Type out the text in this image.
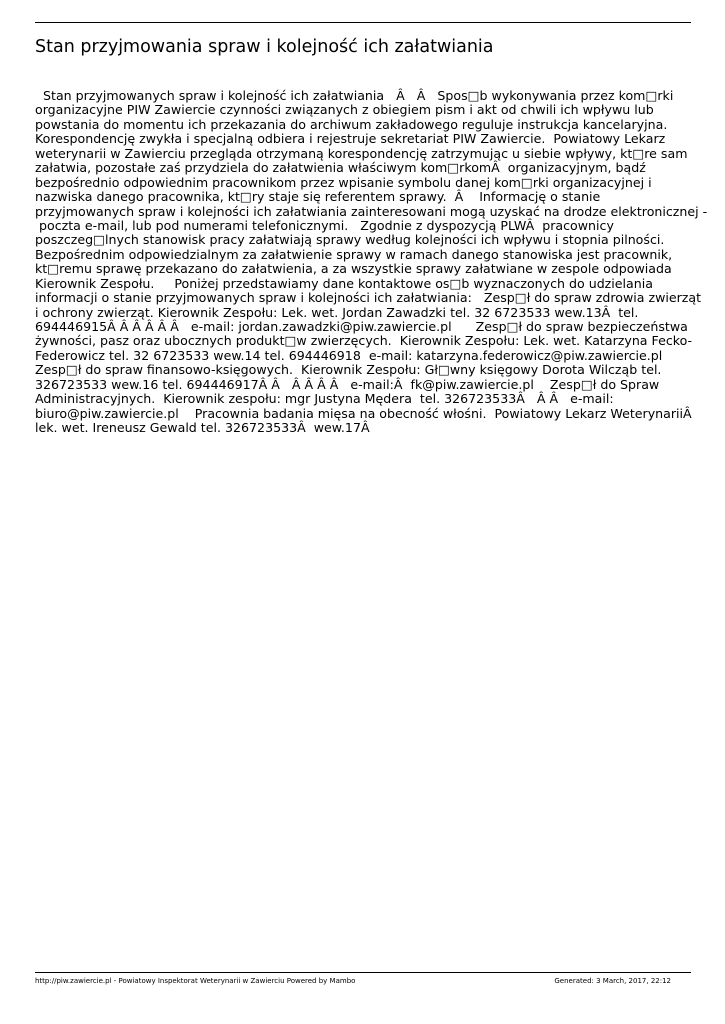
Stan przyjmowania spraw i kolejność ich załatwiania
Stan przyjmowanych spraw i kolejność ich załatwiania   Â   Â   Spos□b wykonywania przez kom□rki
organizacyjne PIW Zawiercie czynności związanych z obiegiem pism i akt od chwili ich wpływu lub
powstania do momentu ich przekazania do archiwum zakładowego reguluje instrukcja kancelaryjna.
Korespondencję zwykła i specjalną odbiera i rejestruje sekretariat PIW Zawiercie.  Powiatowy Lekarz
weterynarii w Zawierciu przegląda otrzymaną korespondencję zatrzymując u siebie wpływy, kt□re sam
załatwia, pozostałe zaś przydziela do załatwienia właściwym kom□rkomÂ  organizacyjnym, bądź
bezpośrednio odpowiednim pracownikom przez wpisanie symbolu danej kom□rki organizacyjnej i
nazwiska danego pracownika, kt□ry staje się referentem sprawy.  Â    Informację o stanie
przyjmowanych spraw i kolejności ich załatwiania zainteresowani mogą uzyskać na drodze elektronicznej -
poczta e-mail, lub pod numerami telefonicznymi.   Zgodnie z dyspozycją PLWÂ  pracownicy
poszczeg□lnych stanowisk pracy załatwiają sprawy według kolejności ich wpływu i stopnia pilności.
Bezpośrednim odpowiedzialnym za załatwienie sprawy w ramach danego stanowiska jest pracownik,
kt□remu sprawę przekazano do załatwienia, a za wszystkie sprawy załatwiane w zespole odpowiada
Kierownik Zespołu.     Poniżej przedstawiamy dane kontaktowe os□b wyznaczonych do udzielania
informacji o stanie przyjmowanych spraw i kolejności ich załatwiania:   Zesp□ł do spraw zdrowia zwierząt
i ochrony zwierząt. Kierownik Zespołu: Lek. wet. Jordan Zawadzki tel. 32 6723533 wew.13Â  tel.
694446915Â Â Â Â Â Â   e-mail: jordan.zawadzki@piw.zawiercie.pl      Zesp□ł do spraw bezpieczeństwa
żywności, pasz oraz ubocznych produkt□w zwierzęcych.  Kierownik Zespołu: Lek. wet. Katarzyna Fecko-
Federowicz tel. 32 6723533 wew.14 tel. 694446918  e-mail: katarzyna.federowicz@piw.zawiercie.pl
Zesp□ł do spraw finansowo-księgowych.  Kierownik Zespołu: Gł□wny księgowy Dorota Wilcząb tel.
326723533 wew.16 tel. 694446917Â Â   Â Â Â Â   e-mail:Â  fk@piw.zawiercie.pl    Zesp□ł do Spraw
Administracyjnych.  Kierownik zespołu: mgr Justyna Mędera  tel. 326723533Â   Â Â   e-mail:
biuro@piw.zawiercie.pl    Pracownia badania mięsa na obecność włośni.  Powiatowy Lekarz WeterynariiÂ
lek. wet. Ireneusz Gewald tel. 326723533Â  wew.17Â
http://piw.zawiercie.pl - Powiatowy Inspektorat Weterynarii w Zawierciu Powered by Mambo	Generated: 3 March, 2017, 22:12
